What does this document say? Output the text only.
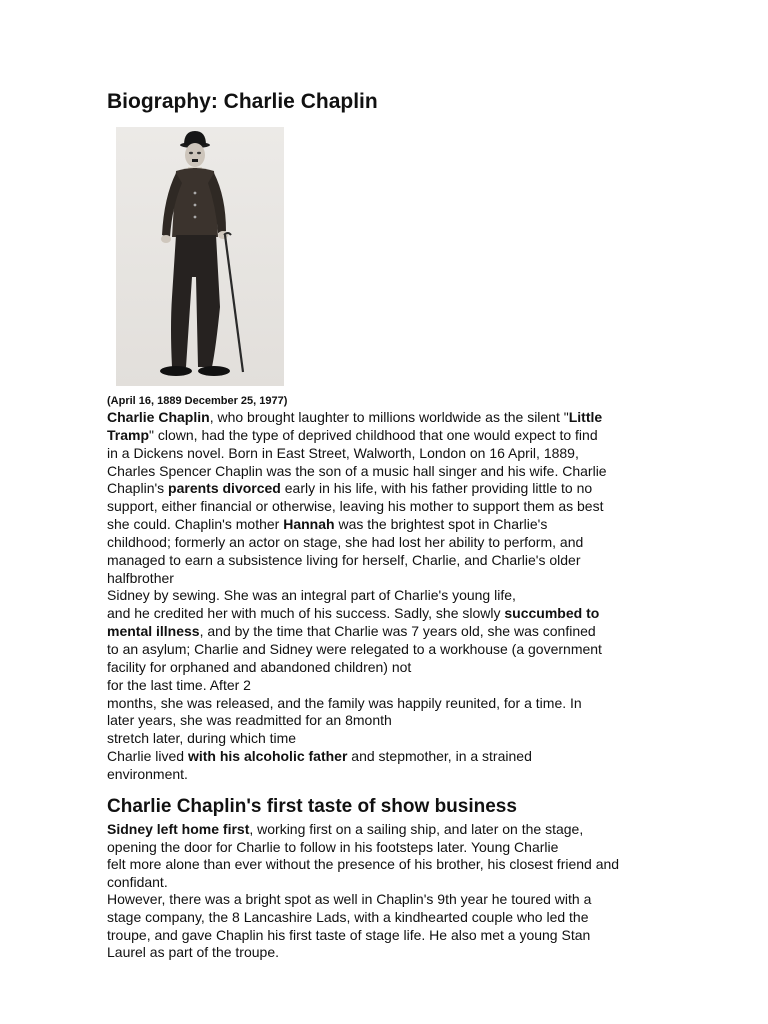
Biography: Charlie Chaplin

(April 16, 1889 December 25, 1977)

Charlie Chaplin, who brought laughter to millions worldwide as the silent "Little
Tramp" clown, had the type of deprived childhood that one would expect to find
in a Dickens novel. Born in East Street, Walworth, London on 16 April, 1889,
Charles Spencer Chaplin was the son of a music hall singer and his wife. Charlie
Chaplin's parents divorced early in his life, with his father providing little to no
support, either financial or otherwise, leaving his mother to support them as best
she could. Chaplin's mother Hannah was the brightest spot in Charlie's
childhood; formerly an actor on stage, she had lost her ability to perform, and
managed to earn a subsistence living for herself, Charlie, and Charlie's older
halfbrother
Sidney by sewing. She was an integral part of Charlie's young life,
and he credited her with much of his success. Sadly, she slowly succumbed to
mental illness, and by the time that Charlie was 7 years old, she was confined
to an asylum; Charlie and Sidney were relegated to a workhouse (a government
facility for orphaned and abandoned children) not
for the last time. After 2
months, she was released, and the family was happily reunited, for a time. In
later years, she was readmitted for an 8month
stretch later, during which time
Charlie lived with his alcoholic father and stepmother, in a strained
environment.
Charlie Chaplin's first taste of show business
Sidney left home first, working first on a sailing ship, and later on the stage,
opening the door for Charlie to follow in his footsteps later. Young Charlie
felt more alone than ever without the presence of his brother, his closest friend and
confidant.
However, there was a bright spot as well in Chaplin's 9th year he toured with a
stage company, the 8 Lancashire Lads, with a kindhearted couple who led the
troupe, and gave Chaplin his first taste of stage life. He also met a young Stan
Laurel as part of the troupe.
